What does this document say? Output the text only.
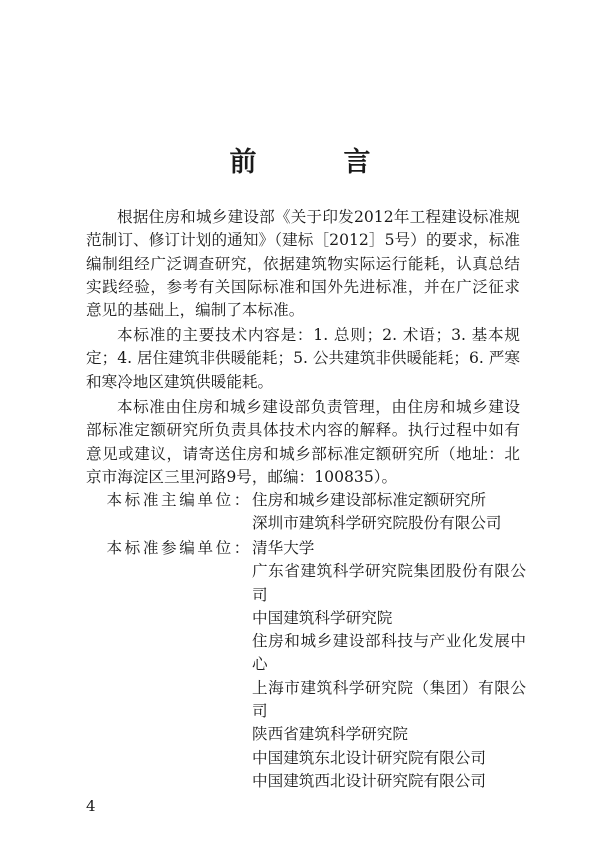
前　言

根据住房和城乡建设部《关于印发2012年工程建设标准规范制订、修订计划的通知》（建标［2012］5号）的要求，标准编制组经广泛调查研究，依据建筑物实际运行能耗，认真总结实践经验，参考有关国际标准和国外先进标准，并在广泛征求意见的基础上，编制了本标准。

本标准的主要技术内容是：1. 总则；2. 术语；3. 基本规定；4. 居住建筑非供暖能耗；5. 公共建筑非供暖能耗；6. 严寒和寒冷地区建筑供暖能耗。

本标准由住房和城乡建设部负责管理，由住房和城乡建设部标准定额研究所负责具体技术内容的解释。执行过程中如有意见或建议，请寄送住房和城乡部标准定额研究所（地址：北京市海淀区三里河路9号，邮编：100835）。

本标准主编单位： 住房和城乡建设部标准定额研究所
深圳市建筑科学研究院股份有限公司
本标准参编单位： 清华大学
广东省建筑科学研究院集团股份有限公司
中国建筑科学研究院
住房和城乡建设部科技与产业化发展中心
上海市建筑科学研究院（集团）有限公司
陕西省建筑科学研究院
中国建筑东北设计研究院有限公司
中国建筑西北设计研究院有限公司
4
